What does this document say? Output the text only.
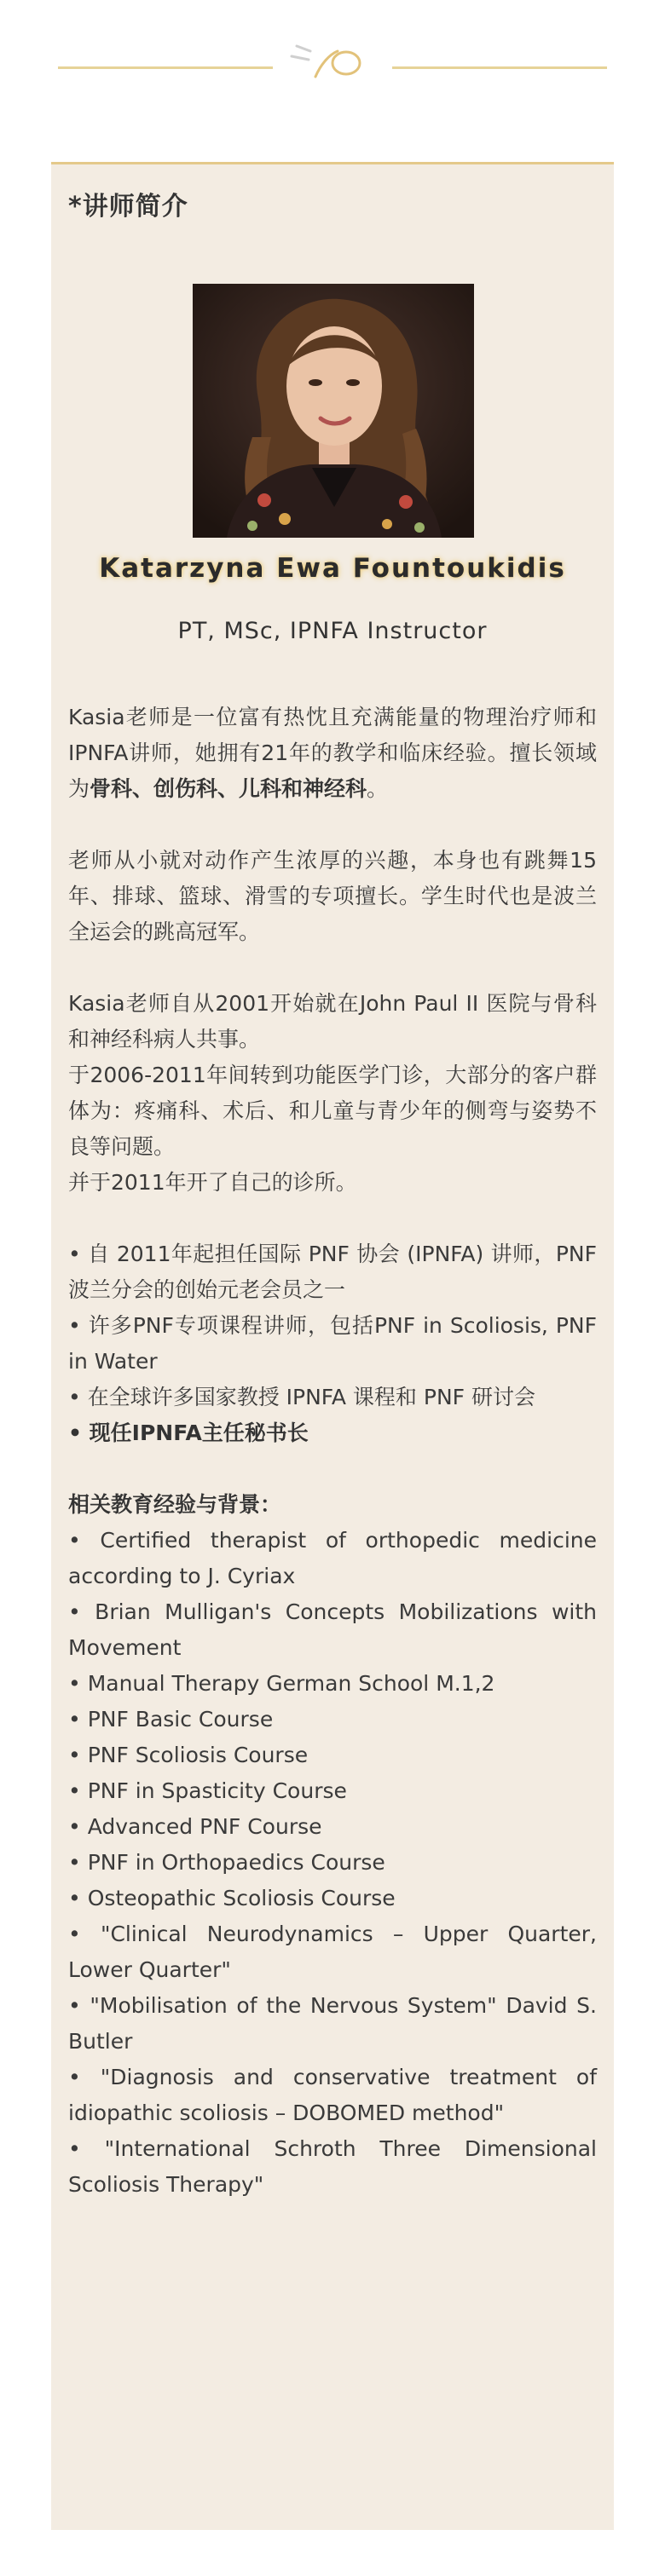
*讲师简介
Katarzyna Ewa Fountoukidis
PT, MSc, IPNFA Instructor

Kasia老师是一位富有热忱且充满能量的物理治疗师和IPNFA讲师，她拥有21年的教学和临床经验。擅长领域为骨科、创伤科、儿科和神经科。

老师从小就对动作产生浓厚的兴趣，本身也有跳舞15年、排球、篮球、滑雪的专项擅长。学生时代也是波兰全运会的跳高冠军。

Kasia老师自从2001开始就在John Paul II 医院与骨科和神经科病人共事。

于2006-2011年间转到功能医学门诊，大部分的客户群体为：疼痛科、术后、和儿童与青少年的侧弯与姿势不良等问题。

并于2011年开了自己的诊所。

• 自 2011年起担任国际 PNF 协会 (IPNFA) 讲师，PNF波兰分会的创始元老会员之一

• 许多PNF专项课程讲师，包括PNF in Scoliosis, PNF in Water

• 在全球许多国家教授 IPNFA 课程和 PNF 研讨会

• 现任IPNFA主任秘书长

相关教育经验与背景：

• Certified therapist of orthopedic medicine according to J. Cyriax

• Brian Mulligan's Concepts Mobilizations with Movement

• Manual Therapy German School M.1,2

• PNF Basic Course

• PNF Scoliosis Course

• PNF in Spasticity Course

• Advanced PNF Course

• PNF in Orthopaedics Course

• Osteopathic Scoliosis Course

• "Clinical Neurodynamics – Upper Quarter, Lower Quarter"

• "Mobilisation of the Nervous System" David S. Butler

• "Diagnosis and conservative treatment of idiopathic scoliosis – DOBOMED method"

• "International Schroth Three Dimensional Scoliosis Therapy"
